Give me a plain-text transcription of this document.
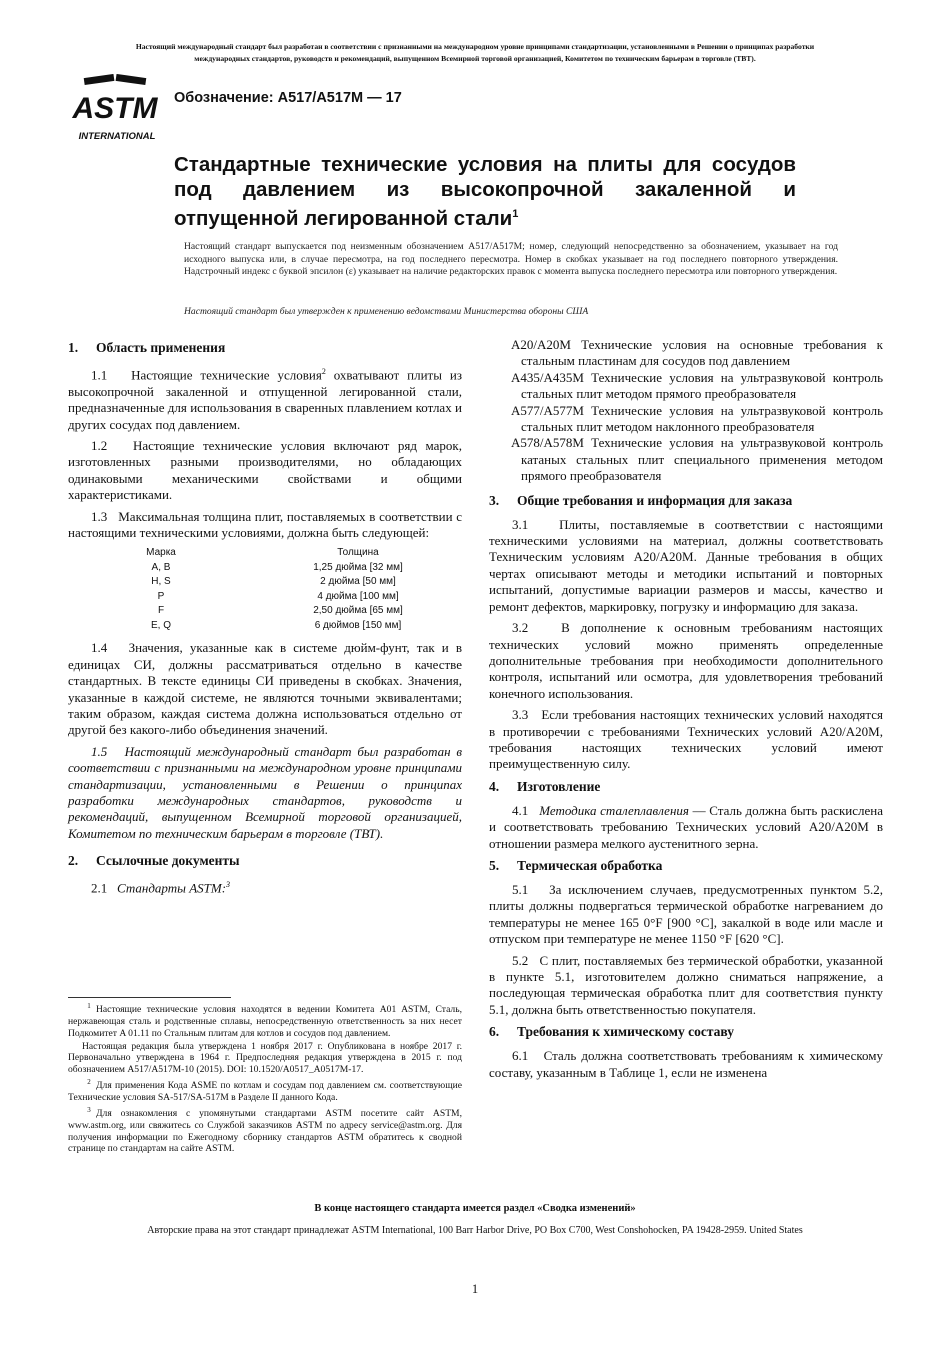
Настоящий международный стандарт был разработан в соответствии с признанными на международном уровне принципами стандартизации, установленными в Решении о принципах разработки
международных стандартов, руководств и рекомендаций, выпущенном Всемирной торговой организацией, Комитетом по техническим барьерам в торговле (ТВТ).
ASTM
INTERNATIONAL
Обозначение: A517/A517M — 17
Стандартные технические условия на плиты для сосудов под давлением из высокопрочной закаленной и отпущенной легированной стали$^1$
Настоящий стандарт выпускается под неизменным обозначением A517/A517M; номер, следующий непосредственно за обозначением, указывает на год исходного выпуска или, в случае пересмотра, на год последнего пересмотра. Номер в скобках указывает на год последнего повторного утверждения. Надстрочный индекс с буквой эпсилон (ε) указывает на наличие редакторских правок с момента выпуска последнего пересмотра или повторного утверждения.
Настоящий стандарт был утвержден к применению ведомствами Министерства обороны США
1. Область применения

1.1 Настоящие технические условия$^2$ охватывают плиты из высокопрочной закаленной и отпущенной легированной стали, предназначенные для использования в сваренных плавлением котлах и других сосудах под давлением.

1.2 Настоящие технические условия включают ряд марок, изготовленных разными производителями, но обладающих одинаковыми механическими свойствами и общими характеристиками.

1.3 Максимальная толщина плит, поставляемых в соответствии с настоящими техническими условиями, должна быть следующей:

Марка	Толщина
A, B	1,25 дюйма [32 мм]
H, S	2 дюйма [50 мм]
P	4 дюйма [100 мм]
F	2,50 дюйма [65 мм]
E, Q	6 дюймов [150 мм]

1.4 Значения, указанные как в системе дюйм-фунт, так и в единицах СИ, должны рассматриваться отдельно в качестве стандартных. В тексте единицы СИ приведены в скобках. Значения, указанные в каждой системе, не являются точными эквивалентами; таким образом, каждая система должна использоваться отдельно от другой без какого-либо объединения значений.

1.5 Настоящий международный стандарт был разработан в соответствии с признанными на международном уровне принципами стандартизации, установленными в Решении о принципах разработки международных стандартов, руководств и рекомендаций, выпущенном Всемирной торговой организацией, Комитетом по техническим барьерам в торговле (ТВТ).

2. Ссылочные документы

2.1 Стандарты ASTM:$^3$

A20/A20M Технические условия на основные требования к стальным пластинам для сосудов под давлением

A435/A435M Технические условия на ультразвуковой контроль стальных плит методом прямого преобразователя

A577/A577M Технические условия на ультразвуковой контроль стальных плит методом наклонного преобразователя

A578/A578M Технические условия на ультразвуковой контроль катаных стальных плит специального применения методом прямого преобразователя

3. Общие требования и информация для заказа

3.1 Плиты, поставляемые в соответствии с настоящими техническими условиями на материал, должны соответствовать Техническим условиям A20/A20M. Данные требования в общих чертах описывают методы и методики испытаний и повторных испытаний, допустимые вариации размеров и массы, качество и ремонт дефектов, маркировку, погрузку и информацию для заказа.

3.2	В дополнение к основным требованиям настоящих технических условий можно применять определенные дополнительные требования при необходимости дополнительного контроля, испытаний или осмотра, для удовлетворения требований конечного использования.

3.3 Если требования настоящих технических условий находятся в противоречии с требованиями Технических условий A20/A20M, требования настоящих технических условий имеют преимущественную силу.

4. Изготовление

4.1 Методика сталеплавления — Сталь должна быть раскислена и соответствовать требованию Технических условий A20/A20M в отношении размера мелкого аустенитного зерна.

5. Термическая обработка

5.1 За исключением случаев, предусмотренных пунктом 5.2, плиты должны подвергаться термической обработке нагреванием до температуры не менее 165 0°F [900 °C], закалкой в воде или масле и отпуском при температуре не менее 1150 °F [620 °C].

5.2 С плит, поставляемых без термической обработки, указанной в пункте 5.1, изготовителем должно сниматься напряжение, а последующая термическая обработка плит для соответствия пункту 5.1, должна быть ответственностью покупателя.

6. Требования к химическому составу

6.1 Сталь должна соответствовать требованиям к химическому составу, указанным в Таблице 1, если не изменена

$^1$ Настоящие технические условия находятся в ведении Комитета A01 ASTM, Сталь, нержавеющая сталь и родственные сплавы, непосредственную ответственность за них несет Подкомитет A 01.11 по Стальным плитам для котлов и сосудов под давлением.

Настоящая редакция была утверждена 1 ноября 2017 г. Опубликована в ноябре 2017 г. Первоначально утверждена в 1964 г. Предпоследняя редакция утверждена в 2015 г. под обозначением A517/A517M-10 (2015). DOI: 10.1520/A0517_A0517M-17.

$^2$ Для применения Кода ASME по котлам и сосудам под давлением см. соответствующие Технические условия SA-517/SA-517M в Разделе II данного Кода.

$^3$ Для ознакомления с упомянутыми стандартами ASTM посетите сайт ASTM, www.astm.org, или свяжитесь со Службой заказчиков ASTM по адресу service@astm.org. Для получения информации по Ежегодному сборнику стандартов ASTM обратитесь к сводной странице по стандартам на сайте ASTM.

В конце настоящего стандарта имеется раздел «Сводка изменений»
Авторские права на этот стандарт принадлежат ASTM International, 100 Barr Harbor Drive, PO Box C700, West Conshohocken, PA 19428-2959. United States
1
